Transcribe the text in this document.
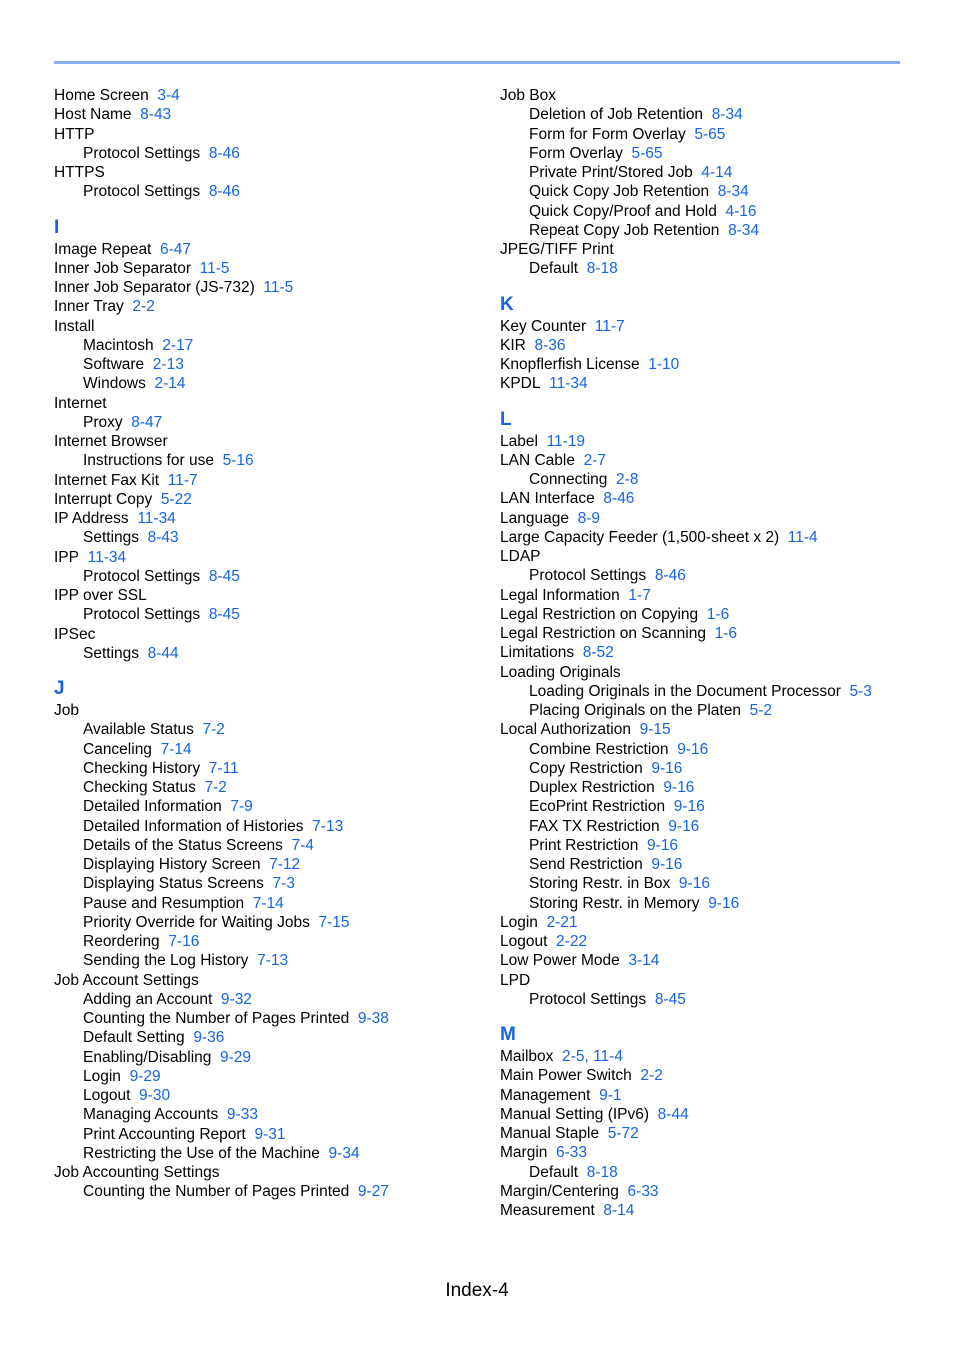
Home Screen 3-4
Host Name 8-43
HTTP
Protocol Settings 8-46
HTTPS
Protocol Settings 8-46
I
Image Repeat 6-47
Inner Job Separator 11-5
Inner Job Separator (JS-732) 11-5
Inner Tray 2-2
Install
Macintosh 2-17
Software 2-13
Windows 2-14
Internet
Proxy 8-47
Internet Browser
Instructions for use 5-16
Internet Fax Kit 11-7
Interrupt Copy 5-22
IP Address 11-34
Settings 8-43
IPP 11-34
Protocol Settings 8-45
IPP over SSL
Protocol Settings 8-45
IPSec
Settings 8-44
J
Job
Available Status 7-2
Canceling 7-14
Checking History 7-11
Checking Status 7-2
Detailed Information 7-9
Detailed Information of Histories 7-13
Details of the Status Screens 7-4
Displaying History Screen 7-12
Displaying Status Screens 7-3
Pause and Resumption 7-14
Priority Override for Waiting Jobs 7-15
Reordering 7-16
Sending the Log History 7-13
Job Account Settings
Adding an Account 9-32
Counting the Number of Pages Printed 9-38
Default Setting 9-36
Enabling/Disabling 9-29
Login 9-29
Logout 9-30
Managing Accounts 9-33
Print Accounting Report 9-31
Restricting the Use of the Machine 9-34
Job Accounting Settings
Counting the Number of Pages Printed 9-27
Job Box
Deletion of Job Retention 8-34
Form for Form Overlay 5-65
Form Overlay 5-65
Private Print/Stored Job 4-14
Quick Copy Job Retention 8-34
Quick Copy/Proof and Hold 4-16
Repeat Copy Job Retention 8-34
JPEG/TIFF Print
Default 8-18
K
Key Counter 11-7
KIR 8-36
Knopflerfish License 1-10
KPDL 11-34
L
Label 11-19
LAN Cable 2-7
Connecting 2-8
LAN Interface 8-46
Language 8-9
Large Capacity Feeder (1,500-sheet x 2) 11-4
LDAP
Protocol Settings 8-46
Legal Information 1-7
Legal Restriction on Copying 1-6
Legal Restriction on Scanning 1-6
Limitations 8-52
Loading Originals
Loading Originals in the Document Processor 5-3
Placing Originals on the Platen 5-2
Local Authorization 9-15
Combine Restriction 9-16
Copy Restriction 9-16
Duplex Restriction 9-16
EcoPrint Restriction 9-16
FAX TX Restriction 9-16
Print Restriction 9-16
Send Restriction 9-16
Storing Restr. in Box 9-16
Storing Restr. in Memory 9-16
Login 2-21
Logout 2-22
Low Power Mode 3-14
LPD
Protocol Settings 8-45
M
Mailbox 2-5, 11-4
Main Power Switch 2-2
Management 9-1
Manual Setting (IPv6) 8-44
Manual Staple 5-72
Margin 6-33
Default 8-18
Margin/Centering 6-33
Measurement 8-14
Index-4
